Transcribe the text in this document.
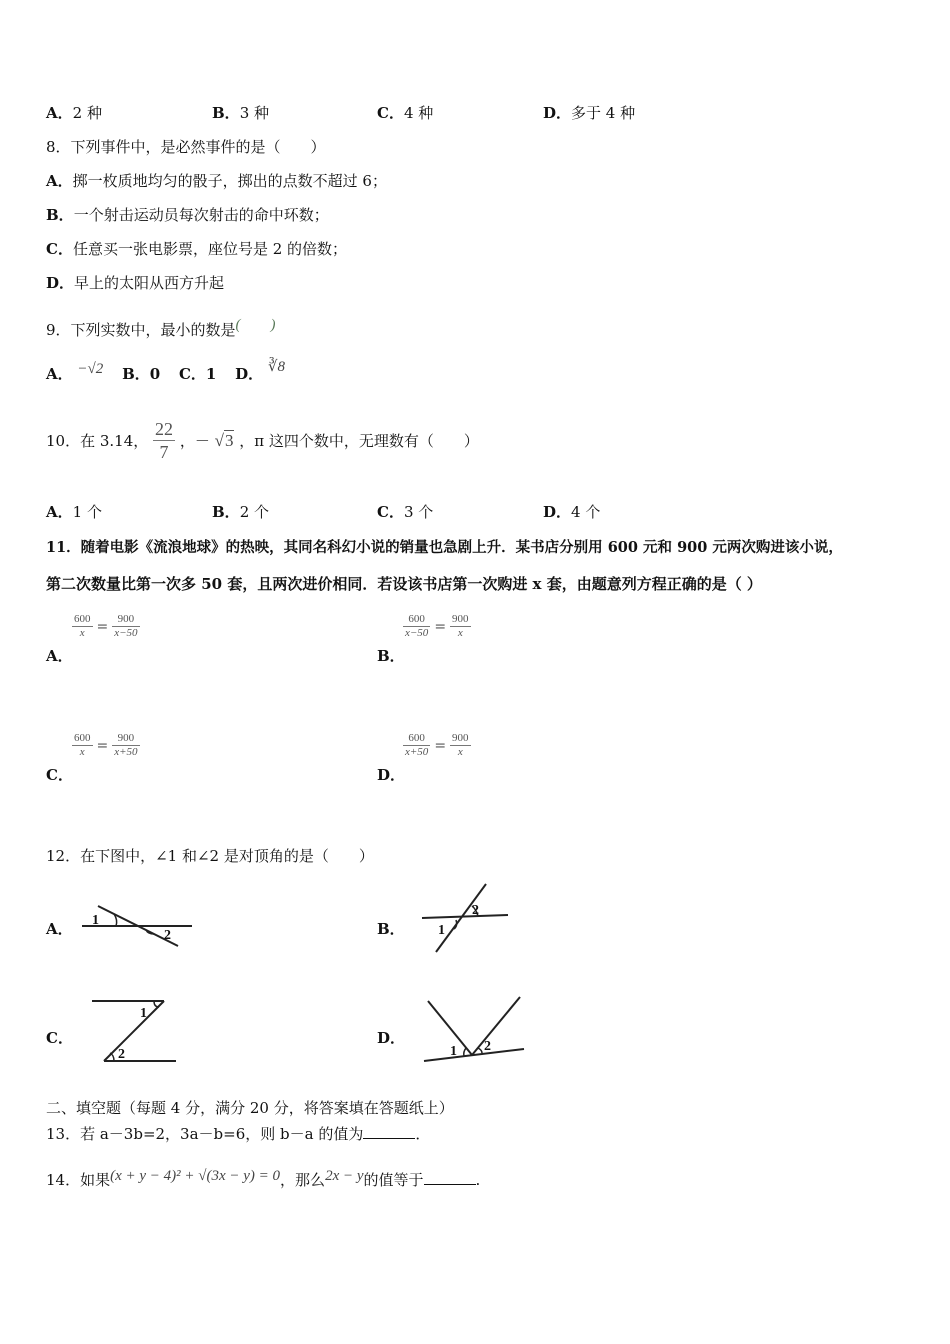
A．2 种	B．3 种	C．4 种	D．多于 4 种
8．下列事件中，是必然事件的是（　　）
A．掷一枚质地均匀的骰子，掷出的点数不超过 6；
B．一个射击运动员每次射击的命中环数；
C．任意买一张电影票，座位号是 2 的倍数；
D．早上的太阳从西方升起
9．下列实数中，最小的数是(　　)
A． −√2 B．0 C．1 D． ∛8
10．在 3.14， $\frac{22}{7}$ ，－ √3 ，π 这四个数中，无理数有（　　）
A．1 个	B．2 个	C．3 个	D．4 个
11．随着电影《流浪地球》的热映，其同名科幻小说的销量也急剧上升．某书店分别用 600 元和 900 元两次购进该小说，
第二次数量比第一次多 50 套，且两次进价相同．若设该书店第一次购进 x 套，由题意列方程正确的是（ ）
$\frac{600}{x} = \frac{900}{x-50}$
A．
$\frac{600}{x-50} = \frac{900}{x}$
B．
$\frac{600}{x} = \frac{900}{x+50}$
C．
$\frac{600}{x+50} = \frac{900}{x}$
D．
12．在下图中，∠1 和∠2 是对顶角的是（　　）
A． 1
2	B．
2
1
C．
1
2
D．
1 2
二、填空题（每题 4 分，满分 20 分，将答案填在答题纸上）
13．若 a－3b=2，3a－b=6，则 b－a 的值为	．
14．如果(x + y − 4)² + √(3x − y) = 0，那么2x − y的值等于	.
